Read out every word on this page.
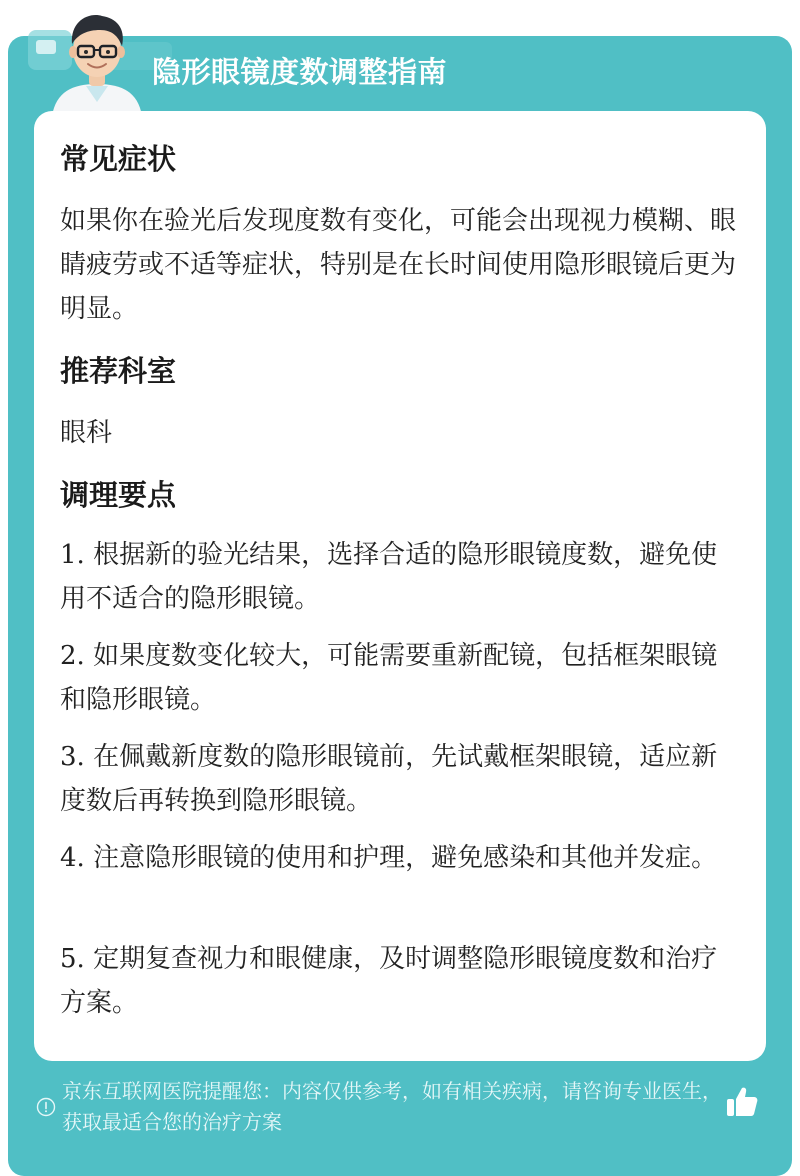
隐形眼镜度数调整指南
常见症状
如果你在验光后发现度数有变化，可能会出现视力模糊、眼睛疲劳或不适等症状，特别是在长时间使用隐形眼镜后更为明显。
推荐科室
眼科
调理要点
1. 根据新的验光结果，选择合适的隐形眼镜度数，避免使用不适合的隐形眼镜。
2. 如果度数变化较大，可能需要重新配镜，包括框架眼镜和隐形眼镜。
3. 在佩戴新度数的隐形眼镜前，先试戴框架眼镜，适应新度数后再转换到隐形眼镜。
4. 注意隐形眼镜的使用和护理，避免感染和其他并发症。
5. 定期复查视力和眼健康，及时调整隐形眼镜度数和治疗方案。
京东互联网医院提醒您：内容仅供参考，如有相关疾病，请咨询专业医生，获取最适合您的治疗方案
